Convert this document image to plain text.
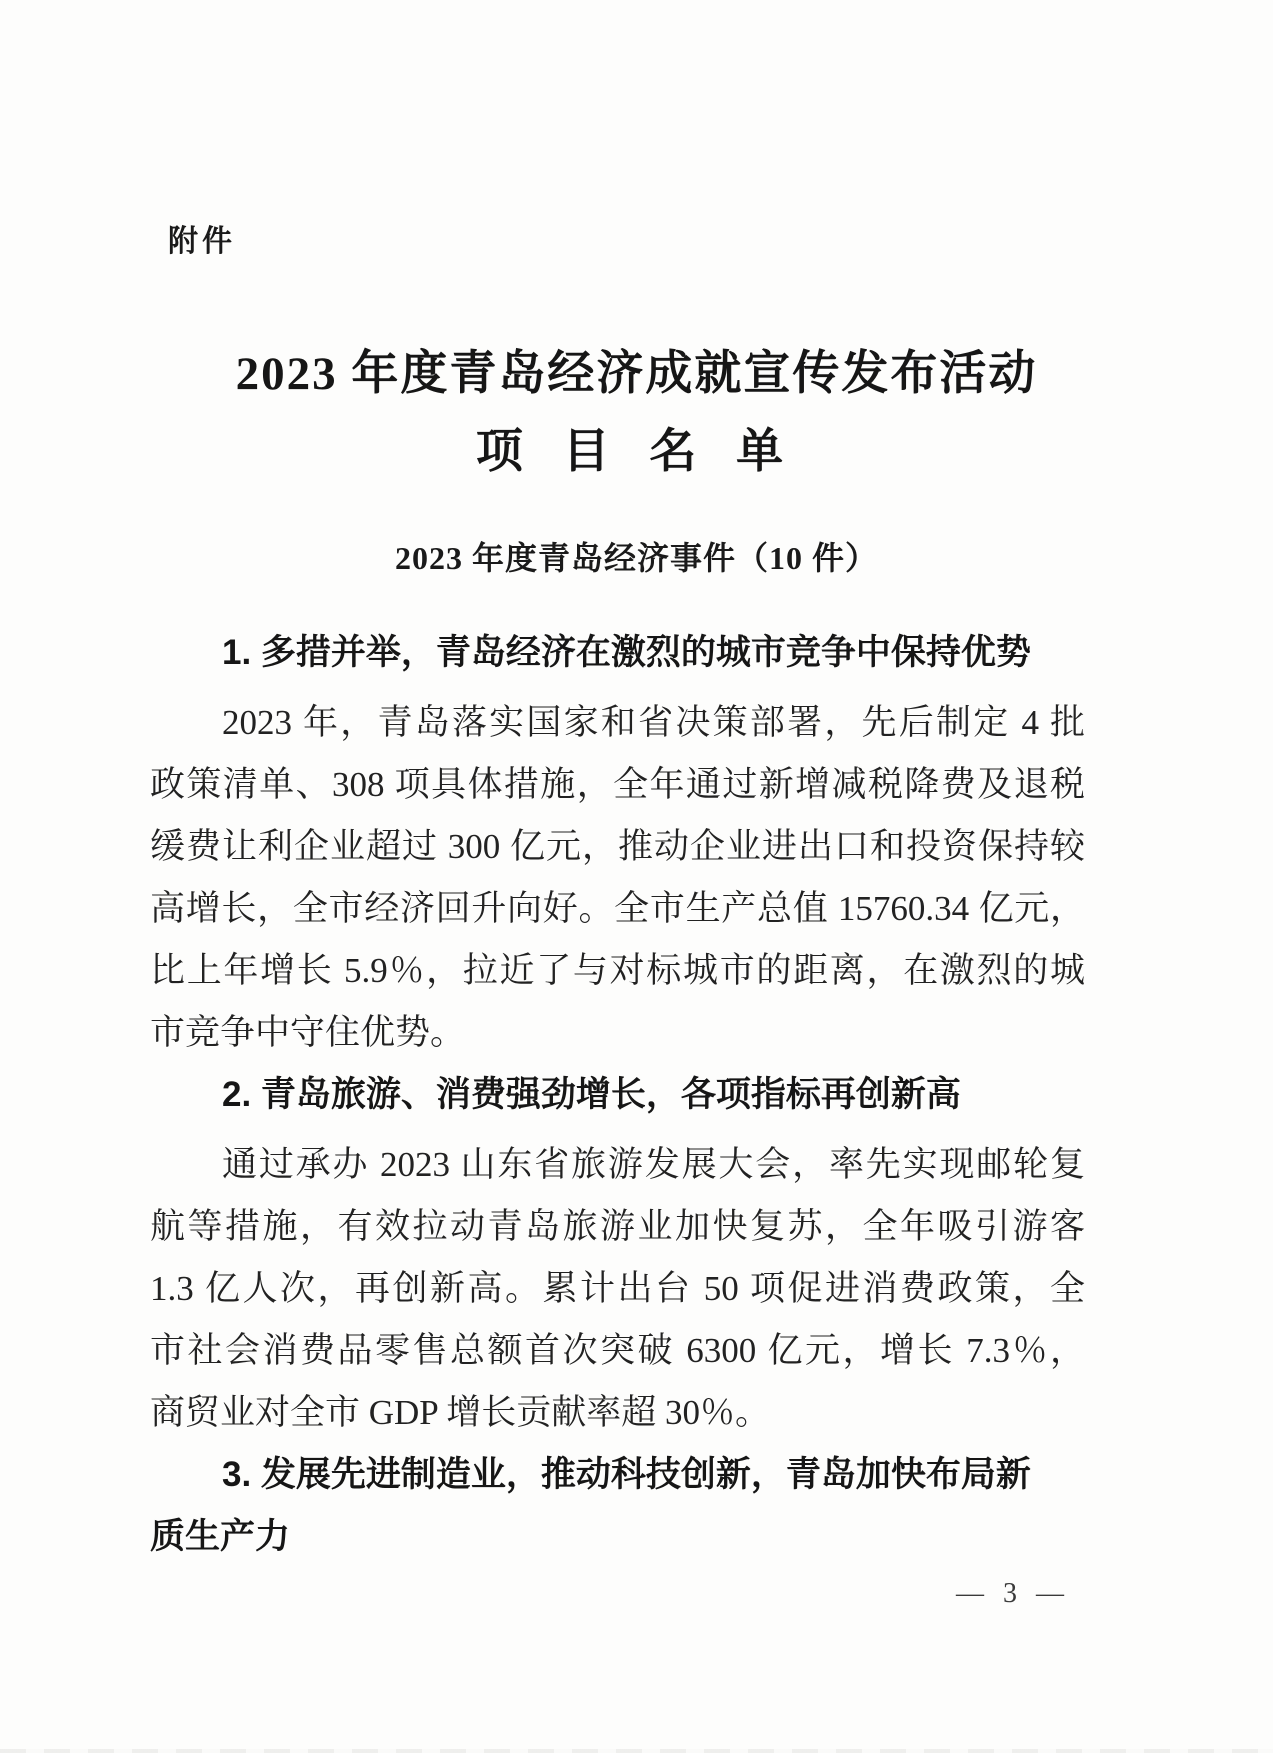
附件
2023 年度青岛经济成就宣传发布活动
项 目 名 单
2023 年度青岛经济事件（10 件）
1. 多措并举，青岛经济在激烈的城市竞争中保持优势
2023 年，青岛落实国家和省决策部署，先后制定 4 批
政策清单、308 项具体措施，全年通过新增减税降费及退税
缓费让利企业超过 300 亿元，推动企业进出口和投资保持较
高增长，全市经济回升向好。全市生产总值 15760.34 亿元，
比上年增长 5.9％，拉近了与对标城市的距离，在激烈的城
市竞争中守住优势。
2. 青岛旅游、消费强劲增长，各项指标再创新高
通过承办 2023 山东省旅游发展大会，率先实现邮轮复
航等措施，有效拉动青岛旅游业加快复苏，全年吸引游客
1.3 亿人次，再创新高。累计出台 50 项促进消费政策，全
市社会消费品零售总额首次突破 6300 亿元，增长 7.3％，
商贸业对全市 GDP 增长贡献率超 30％。
3. 发展先进制造业，推动科技创新，青岛加快布局新
质生产力
— 3 —
